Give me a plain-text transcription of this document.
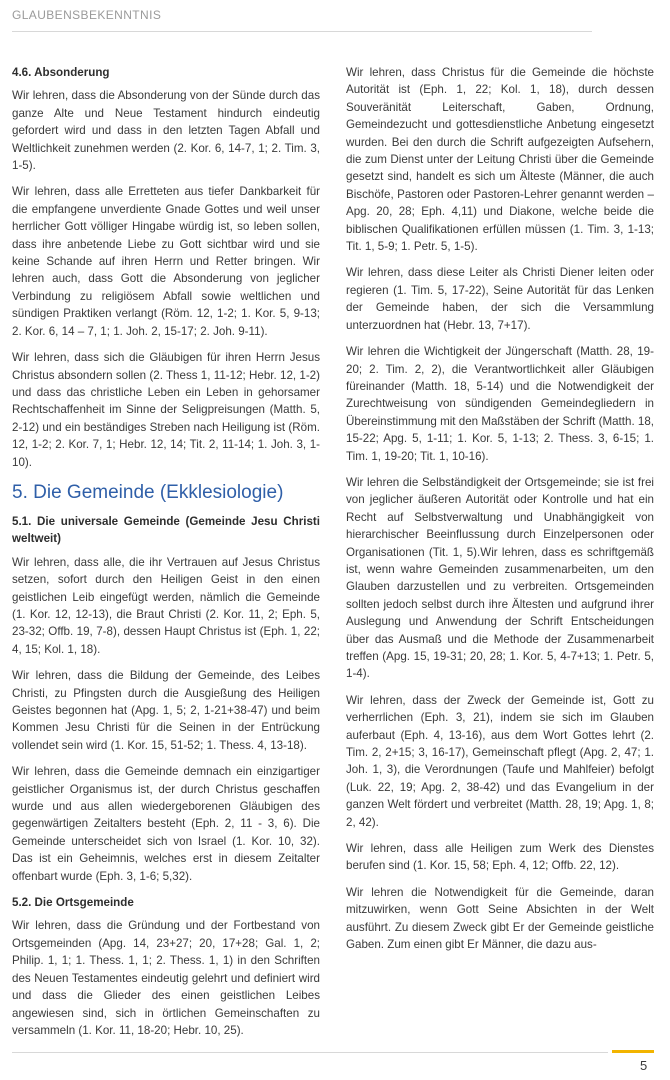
GLAUBENSBEKENNTNIS
4.6. Absonderung

Wir lehren, dass die Absonderung von der Sünde durch das ganze Alte und Neue Testament hindurch eindeutig gefordert wird und dass in den letzten Tagen Abfall und Weltlichkeit zunehmen werden (2. Kor. 6, 14-7, 1; 2. Tim. 3, 1-5).

Wir lehren, dass alle Erretteten aus tiefer Dankbarkeit für die empfangene unverdiente Gnade Gottes und weil unser herrlicher Gott völliger Hingabe würdig ist, so leben sollen, dass ihre anbetende Liebe zu Gott sichtbar wird und sie keine Schande auf ihren Herrn und Retter bringen. Wir lehren auch, dass Gott die Absonderung von jeglicher Verbindung zu religiösem Abfall sowie weltlichen und sündigen Praktiken verlangt (Röm. 12, 1-2; 1. Kor. 5, 9-13; 2. Kor. 6, 14 – 7, 1; 1. Joh. 2, 15-17; 2. Joh. 9-11).

Wir lehren, dass sich die Gläubigen für ihren Herrn Jesus Christus absondern sollen (2. Thess 1, 11-12; Hebr. 12, 1-2) und dass das christliche Leben ein Leben in gehorsamer Rechtschaffenheit im Sinne der Seligpreisungen (Matth. 5, 2-12) und ein beständiges Streben nach Heiligung ist (Röm. 12, 1-2; 2. Kor. 7, 1; Hebr. 12, 14; Tit. 2, 11-14; 1. Joh. 3, 1-10).

5. Die Gemeinde (Ekklesiologie)
5.1. Die universale Gemeinde (Gemeinde Jesu Christi weltweit)

Wir lehren, dass alle, die ihr Vertrauen auf Jesus Christus setzen, sofort durch den Heiligen Geist in den einen geistlichen Leib eingefügt werden, nämlich die Gemeinde (1. Kor. 12, 12-13), die Braut Christi (2. Kor. 11, 2; Eph. 5, 23-32; Offb. 19, 7-8), dessen Haupt Christus ist (Eph. 1, 22; 4, 15; Kol. 1, 18).

Wir lehren, dass die Bildung der Gemeinde, des Leibes Christi, zu Pfingsten durch die Ausgießung des Heiligen Geistes begonnen hat (Apg. 1, 5; 2, 1-21+38-47) und beim Kommen Jesu Christi für die Seinen in der Entrückung vollendet sein wird (1. Kor. 15, 51-52; 1. Thess. 4, 13-18).

Wir lehren, dass die Gemeinde demnach ein einzigartiger geistlicher Organismus ist, der durch Christus geschaffen wurde und aus allen wiedergeborenen Gläubigen des gegenwärtigen Zeitalters besteht (Eph. 2, 11 - 3, 6). Die Gemeinde unterscheidet sich von Israel (1. Kor. 10, 32). Das ist ein Geheimnis, welches erst in diesem Zeitalter offenbart wurde (Eph. 3, 1-6; 5,32).

5.2. Die Ortsgemeinde

Wir lehren, dass die Gründung und der Fortbestand von Ortsgemeinden (Apg. 14, 23+27; 20, 17+28; Gal. 1, 2; Philip. 1, 1; 1. Thess. 1, 1; 2. Thess. 1, 1) in den Schriften des Neuen Testamentes eindeutig gelehrt und definiert wird und dass die Glieder des einen geistlichen Leibes angewiesen sind, sich in örtlichen Gemeinschaften zu versammeln (1. Kor. 11, 18-20; Hebr. 10, 25).

Wir lehren, dass Christus für die Gemeinde die höchste Autorität ist (Eph. 1, 22; Kol. 1, 18), durch dessen Souveränität Leiterschaft, Gaben, Ordnung, Gemeindezucht und gottesdienstliche Anbetung eingesetzt wurden. Bei den durch die Schrift aufgezeigten Aufsehern, die zum Dienst unter der Leitung Christi über die Gemeinde gesetzt sind, handelt es sich um Älteste (Männer, die auch Bischöfe, Pastoren oder Pastoren-Lehrer genannt werden – Apg. 20, 28; Eph. 4,11) und Diakone, welche beide die biblischen Qualifikationen erfüllen müssen (1. Tim. 3, 1-13; Tit. 1, 5-9; 1. Petr. 5, 1-5).

Wir lehren, dass diese Leiter als Christi Diener leiten oder regieren (1. Tim. 5, 17-22), Seine Autorität für das Lenken der Gemeinde haben, der sich die Versammlung unterzuordnen hat (Hebr. 13, 7+17).

Wir lehren die Wichtigkeit der Jüngerschaft (Matth. 28, 19-20; 2. Tim. 2, 2), die Verantwortlichkeit aller Gläubigen füreinander (Matth. 18, 5-14) und die Notwendigkeit der Zurechtweisung von sündigenden Gemeindegliedern in Übereinstimmung mit den Maßstäben der Schrift (Matth. 18, 15-22; Apg. 5, 1-11; 1. Kor. 5, 1-13; 2. Thess. 3, 6-15; 1. Tim. 1, 19-20; Tit. 1, 10-16).

Wir lehren die Selbständigkeit der Ortsgemeinde; sie ist frei von jeglicher äußeren Autorität oder Kontrolle und hat ein Recht auf Selbstverwaltung und Unabhängigkeit von hierarchischer Beeinflussung durch Einzelpersonen oder Organisationen (Tit. 1, 5).Wir lehren, dass es schriftgemäß ist, wenn wahre Gemeinden zusammenarbeiten, um den Glauben darzustellen und zu verbreiten. Ortsgemeinden sollten jedoch selbst durch ihre Ältesten und aufgrund ihrer Auslegung und Anwendung der Schrift Entscheidungen über das Ausmaß und die Methode der Zusammenarbeit treffen (Apg. 15, 19-31; 20, 28; 1. Kor. 5, 4-7+13; 1. Petr. 5, 1-4).

Wir lehren, dass der Zweck der Gemeinde ist, Gott zu verherrlichen (Eph. 3, 21), indem sie sich im Glauben auferbaut (Eph. 4, 13-16), aus dem Wort Gottes lehrt (2. Tim. 2, 2+15; 3, 16-17), Gemeinschaft pflegt (Apg. 2, 47; 1. Joh. 1, 3), die Verordnungen (Taufe und Mahlfeier) befolgt (Luk. 22, 19; Apg. 2, 38-42) und das Evangelium in der ganzen Welt fördert und verbreitet (Matth. 28, 19; Apg. 1, 8; 2, 42).

Wir lehren, dass alle Heiligen zum Werk des Dienstes berufen sind (1. Kor. 15, 58; Eph. 4, 12; Offb. 22, 12).

Wir lehren die Notwendigkeit für die Gemeinde, daran mitzuwirken, wenn Gott Seine Absichten in der Welt ausführt. Zu diesem Zweck gibt Er der Gemeinde geistliche Gaben. Zum einen gibt Er Männer, die dazu aus-

5
